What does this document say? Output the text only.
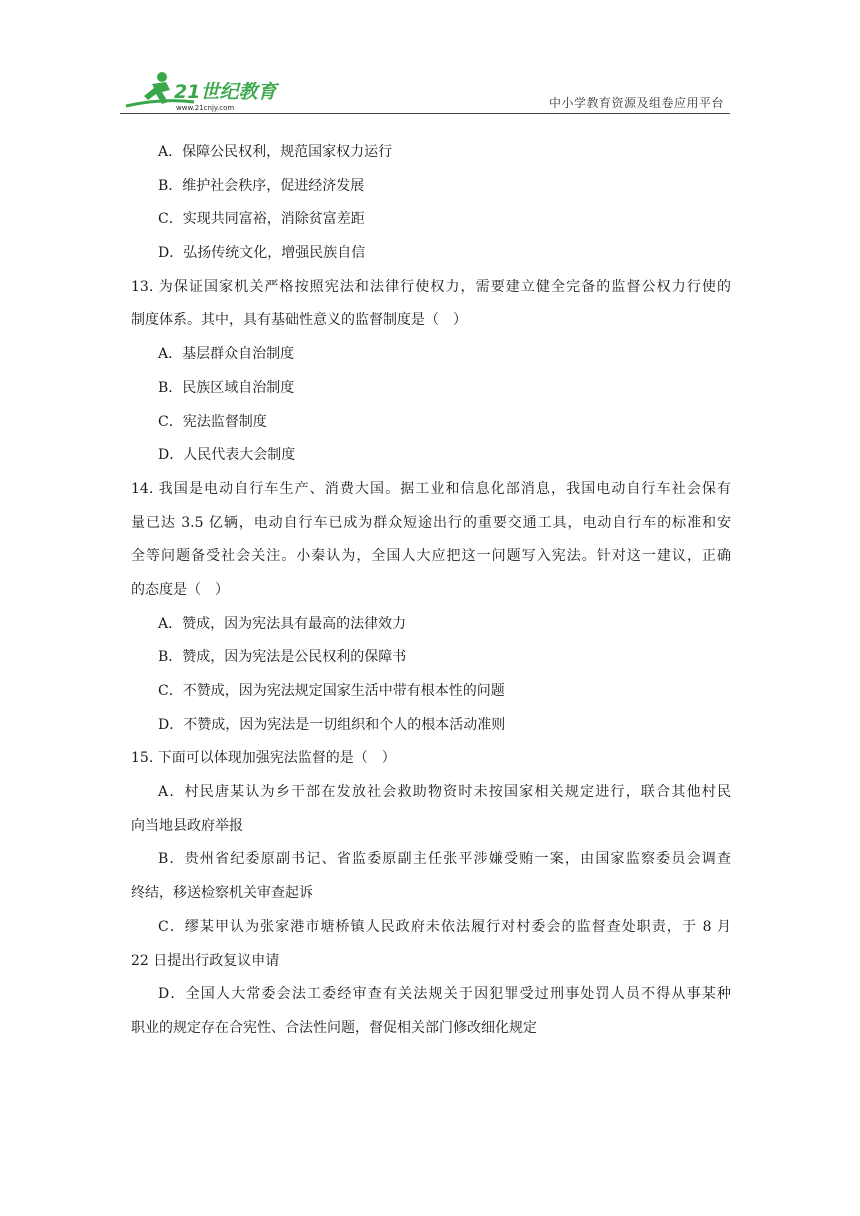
21世纪教育
www.21cnjy.com	中小学教育资源及组卷应用平台
A．保障公民权利，规范国家权力运行
B．维护社会秩序，促进经济发展
C．实现共同富裕，消除贫富差距
D．弘扬传统文化，增强民族自信
13. 为保证国家机关严格按照宪法和法律行使权力，需要建立健全完备的监督公权力行使的
制度体系。其中，具有基础性意义的监督制度是（　）
A．基层群众自治制度
B．民族区域自治制度
C．宪法监督制度
D．人民代表大会制度
14. 我国是电动自行车生产、消费大国。据工业和信息化部消息，我国电动自行车社会保有
量已达 3.5 亿辆，电动自行车已成为群众短途出行的重要交通工具，电动自行车的标准和安
全等问题备受社会关注。小秦认为，全国人大应把这一问题写入宪法。针对这一建议，正确
的态度是（　）
A．赞成，因为宪法具有最高的法律效力
B．赞成，因为宪法是公民权利的保障书
C．不赞成，因为宪法规定国家生活中带有根本性的问题
D．不赞成，因为宪法是一切组织和个人的根本活动准则
15. 下面可以体现加强宪法监督的是（　）
A．村民唐某认为乡干部在发放社会救助物资时未按国家相关规定进行，联合其他村民
向当地县政府举报
B．贵州省纪委原副书记、省监委原副主任张平涉嫌受贿一案，由国家监察委员会调查
终结，移送检察机关审查起诉
C．缪某甲认为张家港市塘桥镇人民政府未依法履行对村委会的监督查处职责，于 8 月
22 日提出行政复议申请
D．全国人大常委会法工委经审查有关法规关于因犯罪受过刑事处罚人员不得从事某种
职业的规定存在合宪性、合法性问题，督促相关部门修改细化规定
